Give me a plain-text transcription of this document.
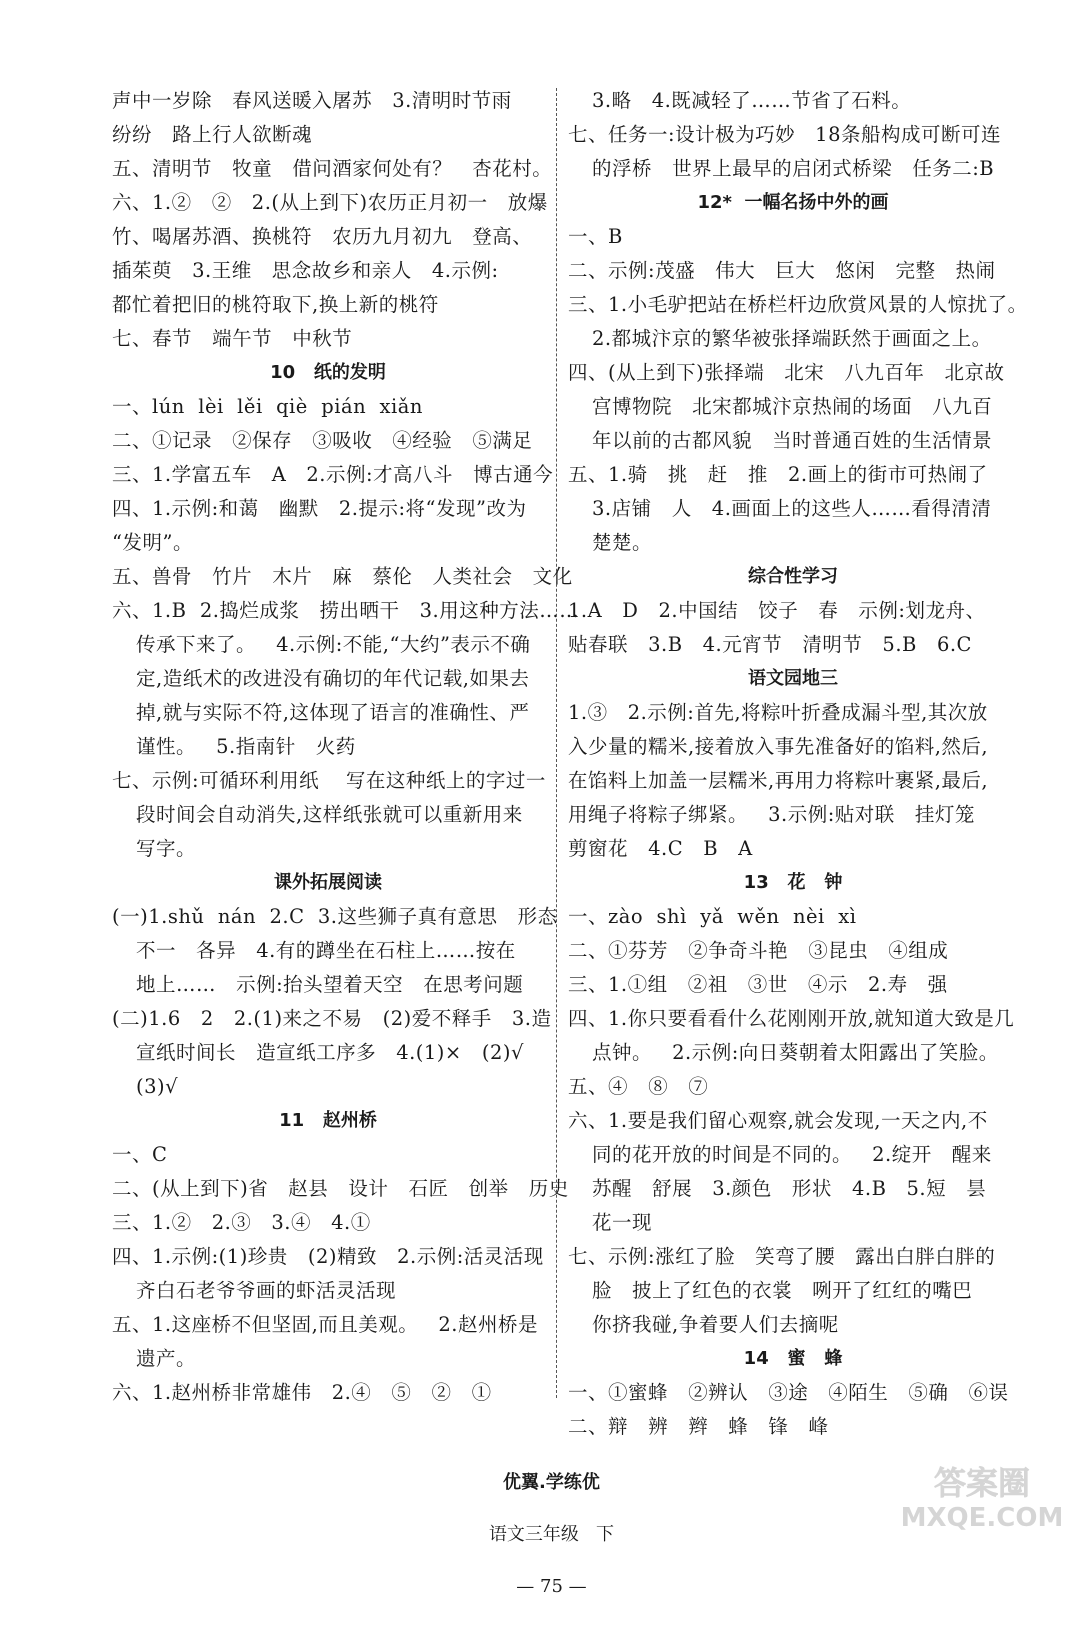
声中一岁除   春风送暖入屠苏   3.清明时节雨
纷纷   路上行人欲断魂
五、清明节   牧童   借问酒家何处有？   杏花村。
六、1.②   ②   2.(从上到下)农历正月初一   放爆
竹、喝屠苏酒、换桃符   农历九月初九   登高、
插茱萸   3.王维   思念故乡和亲人   4.示例:
都忙着把旧的桃符取下,换上新的桃符
七、春节   端午节   中秋节
10   纸的发明
一、lún  lèi  lěi  qiè  pián  xiǎn
二、①记录   ②保存   ③吸收   ④经验   ⑤满足
三、1.学富五车   A   2.示例:才高八斗   博古通今
四、1.示例:和蔼   幽默   2.提示:将“发现”改为
“发明”。
五、兽骨   竹片   木片   麻   蔡伦   人类社会   文化
六、1.B  2.捣烂成浆   捞出晒干   3.用这种方法……
传承下来了。   4.示例:不能,“大约”表示不确
定,造纸术的改进没有确切的年代记载,如果去
掉,就与实际不符,这体现了语言的准确性、严
谨性。   5.指南针   火药
七、示例:可循环利用纸    写在这种纸上的字过一
段时间会自动消失,这样纸张就可以重新用来
写字。
课外拓展阅读
(一)1.shǔ  nán  2.C  3.这些狮子真有意思   形态
不一   各异   4.有的蹲坐在石柱上……按在
地上……   示例:抬头望着天空   在思考问题
(二)1.6   2   2.(1)来之不易   (2)爱不释手   3.造
宣纸时间长   造宣纸工序多   4.(1)×   (2)√
(3)√
11   赵州桥
一、C
二、(从上到下)省   赵县   设计   石匠   创举   历史
三、1.②   2.③   3.④   4.①
四、1.示例:(1)珍贵   (2)精致   2.示例:活灵活现
齐白石老爷爷画的虾活灵活现
五、1.这座桥不但坚固,而且美观。   2.赵州桥是
遗产。
六、1.赵州桥非常雄伟   2.④   ⑤   ②   ①
3.略   4.既减轻了……节省了石料。
七、任务一:设计极为巧妙   18条船构成可断可连
的浮桥   世界上最早的启闭式桥梁   任务二:B
12*  一幅名扬中外的画
一、B
二、示例:茂盛   伟大   巨大   悠闲   完整   热闹
三、1.小毛驴把站在桥栏杆边欣赏风景的人惊扰了。
2.都城汴京的繁华被张择端跃然于画面之上。
四、(从上到下)张择端   北宋   八九百年   北京故
宫博物院   北宋都城汴京热闹的场面   八九百
年以前的古都风貌   当时普通百姓的生活情景
五、1.骑   挑   赶   推   2.画上的街市可热闹了
3.店铺   人   4.画面上的这些人……看得清清
楚楚。
综合性学习
1.A   D   2.中国结   饺子   春   示例:划龙舟、
贴春联   3.B   4.元宵节   清明节   5.B   6.C
语文园地三
1.③   2.示例:首先,将粽叶折叠成漏斗型,其次放
入少量的糯米,接着放入事先准备好的馅料,然后,
在馅料上加盖一层糯米,再用力将粽叶裹紧,最后,
用绳子将粽子绑紧。   3.示例:贴对联   挂灯笼
剪窗花   4.C   B   A
13   花   钟
一、zào  shì  yǎ  wěn  nèi  xì
二、①芬芳   ②争奇斗艳   ③昆虫   ④组成
三、1.①组   ②祖   ③世   ④示   2.寿   强
四、1.你只要看看什么花刚刚开放,就知道大致是几
点钟。   2.示例:向日葵朝着太阳露出了笑脸。
五、④   ⑧   ⑦
六、1.要是我们留心观察,就会发现,一天之内,不
同的花开放的时间是不同的。   2.绽开   醒来
苏醒   舒展   3.颜色   形状   4.B   5.短   昙
花一现
七、示例:涨红了脸   笑弯了腰   露出白胖白胖的
脸   披上了红色的衣裳   咧开了红红的嘴巴
你挤我碰,争着要人们去摘呢
14   蜜   蜂
一、①蜜蜂   ②辨认   ③途   ④陌生   ⑤确   ⑥误
二、辩   辨   辫   蜂   锋   峰

优翼.学练优

语文三年级   下

— 75 —

答案圈
MXQE.COM
